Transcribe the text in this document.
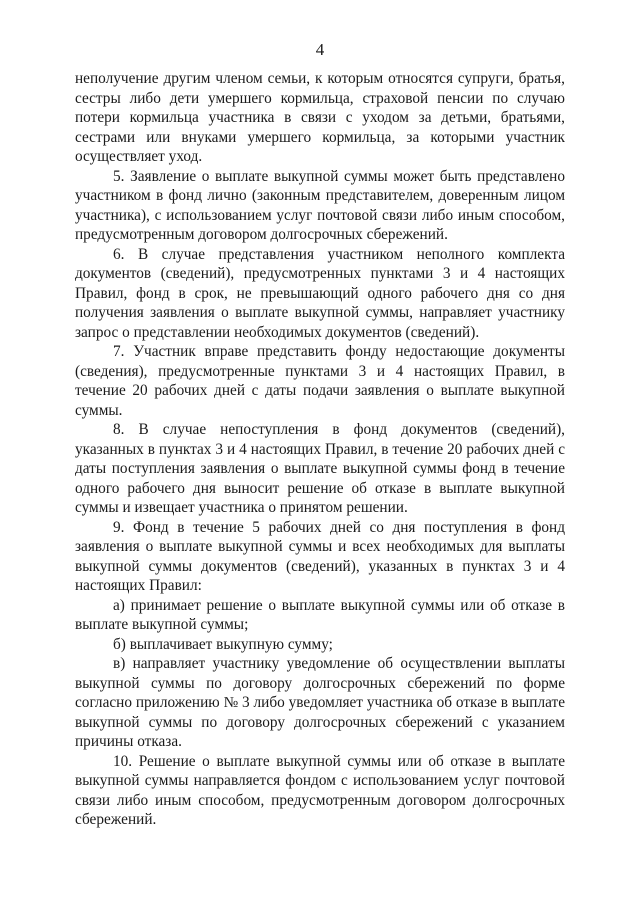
4

неполучение другим членом семьи, к которым относятся супруги, братья, сестры либо дети умершего кормильца, страховой пенсии по случаю потери кормильца участника в связи с уходом за детьми, братьями, сестрами или внуками умершего кормильца, за которыми участник осуществляет уход.

5. Заявление о выплате выкупной суммы может быть представлено участником в фонд лично (законным представителем, доверенным лицом участника), с использованием услуг почтовой связи либо иным способом, предусмотренным договором долгосрочных сбережений.

6. В случае представления участником неполного комплекта документов (сведений), предусмотренных пунктами 3 и 4 настоящих Правил, фонд в срок, не превышающий одного рабочего дня со дня получения заявления о выплате выкупной суммы, направляет участнику запрос о представлении необходимых документов (сведений).

7. Участник вправе представить фонду недостающие документы (сведения), предусмотренные пунктами 3 и 4 настоящих Правил, в течение 20 рабочих дней с даты подачи заявления о выплате выкупной суммы.

8. В случае непоступления в фонд документов (сведений), указанных в пунктах 3 и 4 настоящих Правил, в течение 20 рабочих дней с даты поступления заявления о выплате выкупной суммы фонд в течение одного рабочего дня выносит решение об отказе в выплате выкупной суммы и извещает участника о принятом решении.

9. Фонд в течение 5 рабочих дней со дня поступления в фонд заявления о выплате выкупной суммы и всех необходимых для выплаты выкупной суммы документов (сведений), указанных в пунктах 3 и 4 настоящих Правил:

а) принимает решение о выплате выкупной суммы или об отказе в выплате выкупной суммы;

б) выплачивает выкупную сумму;

в) направляет участнику уведомление об осуществлении выплаты выкупной суммы по договору долгосрочных сбережений по форме согласно приложению № 3 либо уведомляет участника об отказе в выплате выкупной суммы по договору долгосрочных сбережений с указанием причины отказа.

10. Решение о выплате выкупной суммы или об отказе в выплате выкупной суммы направляется фондом с использованием услуг почтовой связи либо иным способом, предусмотренным договором долгосрочных сбережений.
